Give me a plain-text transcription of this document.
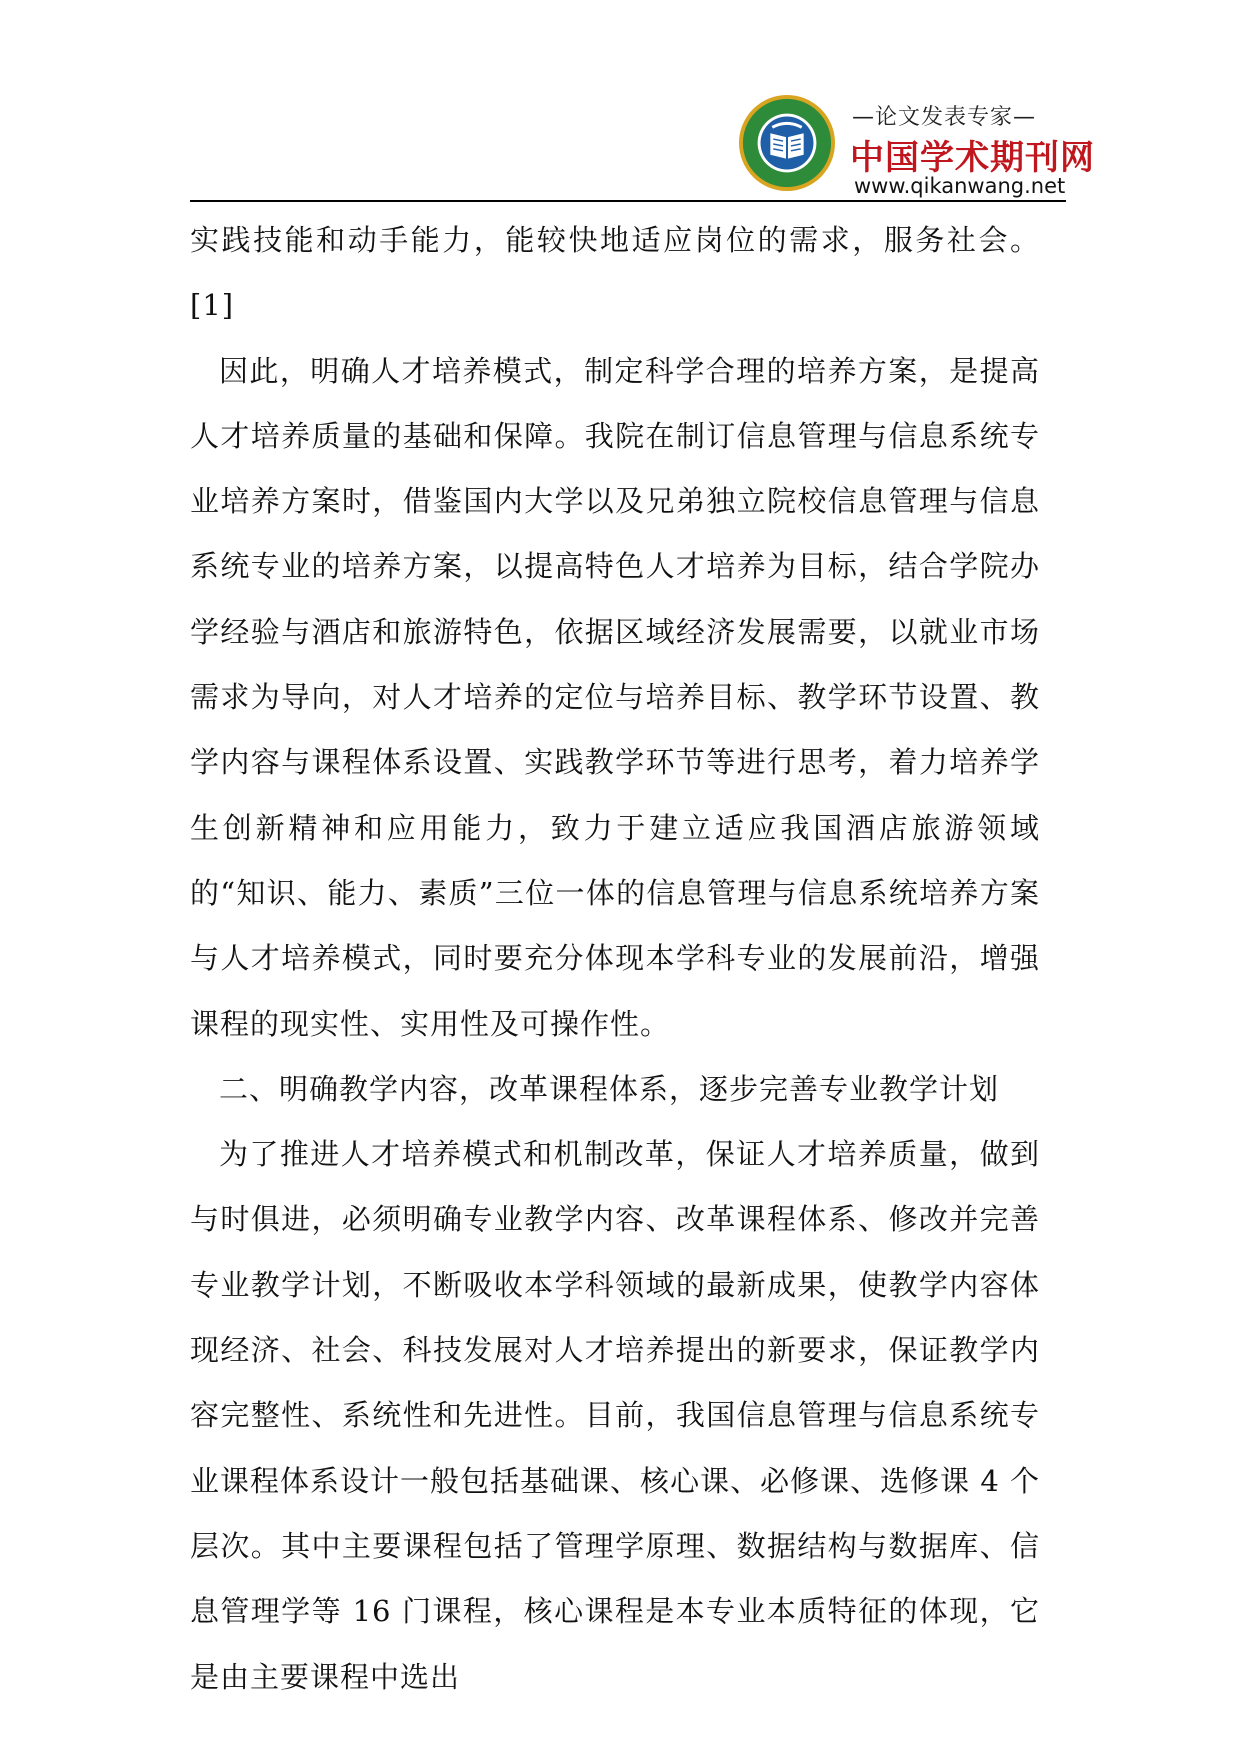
—论文发表专家—
中国学术期刊网
www.qikanwang.net

实践技能和动手能力，能较快地适应岗位的需求，服务社会。[1]

因此，明确人才培养模式，制定科学合理的培养方案，是提高人才培养质量的基础和保障。我院在制订信息管理与信息系统专业培养方案时，借鉴国内大学以及兄弟独立院校信息管理与信息系统专业的培养方案，以提高特色人才培养为目标，结合学院办学经验与酒店和旅游特色，依据区域经济发展需要，以就业市场需求为导向，对人才培养的定位与培养目标、教学环节设置、教学内容与课程体系设置、实践教学环节等进行思考，着力培养学生创新精神和应用能力，致力于建立适应我国酒店旅游领域的“知识、能力、素质”三位一体的信息管理与信息系统培养方案与人才培养模式，同时要充分体现本学科专业的发展前沿，增强课程的现实性、实用性及可操作性。

二、明确教学内容，改革课程体系，逐步完善专业教学计划

为了推进人才培养模式和机制改革，保证人才培养质量，做到与时俱进，必须明确专业教学内容、改革课程体系、修改并完善专业教学计划，不断吸收本学科领域的最新成果，使教学内容体现经济、社会、科技发展对人才培养提出的新要求，保证教学内容完整性、系统性和先进性。目前，我国信息管理与信息系统专业课程体系设计一般包括基础课、核心课、必修课、选修课 4 个层次。其中主要课程包括了管理学原理、数据结构与数据库、信息管理学等 16 门课程，核心课程是本专业本质特征的体现，它是由主要课程中选出
